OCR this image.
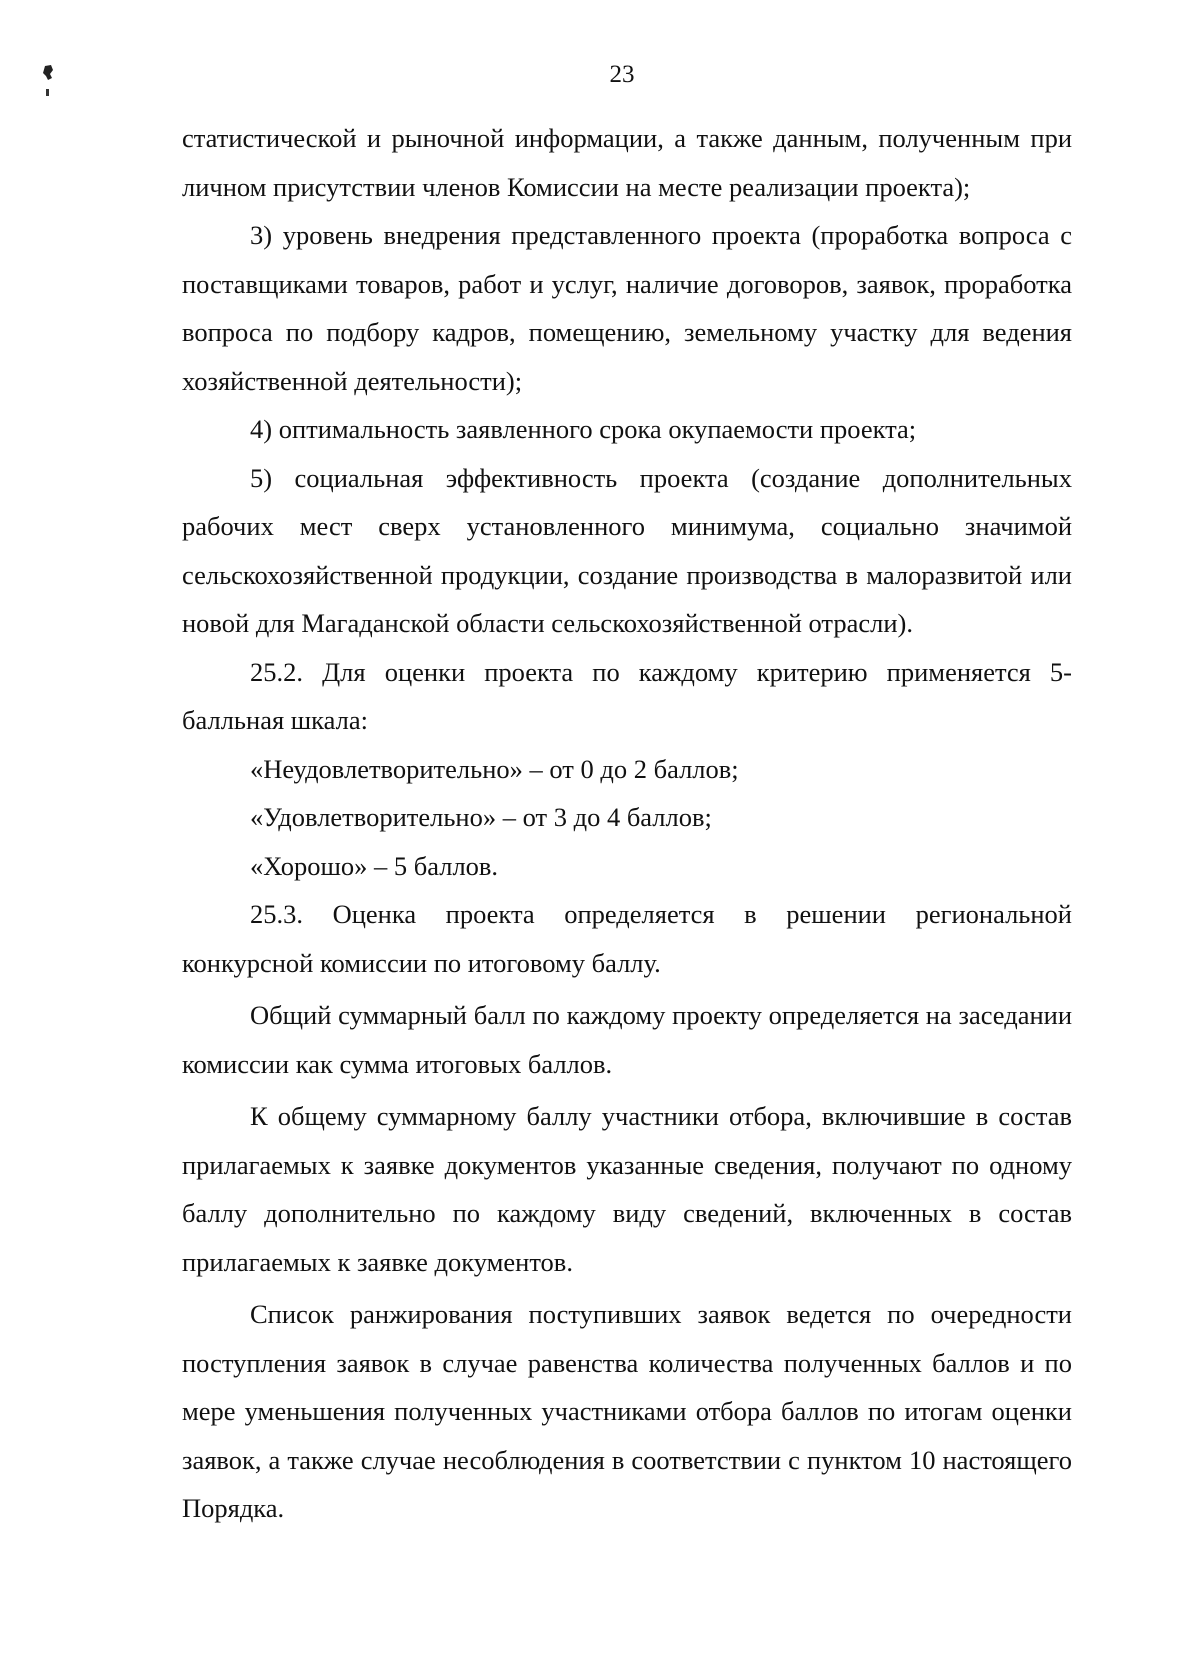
23

статистической и рыночной информации, а также данным, полученным при личном присутствии членов Комиссии на месте реализации проекта);

3) уровень внедрения представленного проекта (проработка вопроса с поставщиками товаров, работ и услуг, наличие договоров, заявок, проработка вопроса по подбору кадров, помещению, земельному участку для ведения хозяйственной деятельности);

4) оптимальность заявленного срока окупаемости проекта;

5) социальная эффективность проекта (создание дополнительных рабочих мест сверх установленного минимума, социально значимой сельскохозяйственной продукции, создание производства в малоразвитой или новой для Магаданской области сельскохозяйственной отрасли).

25.2. Для оценки проекта по каждому критерию применяется 5-балльная шкала:

«Неудовлетворительно» – от 0 до 2 баллов;

«Удовлетворительно» – от 3 до 4 баллов;

«Хорошо» – 5 баллов.

25.3. Оценка проекта определяется в решении региональной конкурсной комиссии по итоговому баллу.

Общий суммарный балл по каждому проекту определяется на заседании комиссии как сумма итоговых баллов.

К общему суммарному баллу участники отбора, включившие в состав прилагаемых к заявке документов указанные сведения, получают по одному баллу дополнительно по каждому виду сведений, включенных в состав прилагаемых к заявке документов.

Список ранжирования поступивших заявок ведется по очередности поступления заявок в случае равенства количества полученных баллов и по мере уменьшения полученных участниками отбора баллов по итогам оценки заявок, а также случае несоблюдения в соответствии с пунктом 10 настоящего Порядка.
